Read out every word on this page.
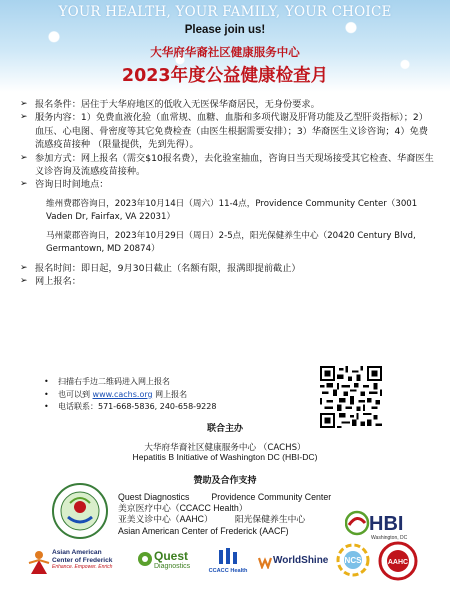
YOUR HEALTH, YOUR FAMILY, YOUR CHOICE
Please join us!
大华府华裔社区健康服务中心
2023年度公益健康检查月

➢ 报名条件：居住于大华府地区的低收入无医保华裔居民，无身份要求。

➢ 服务内容：1）免费血液化验（血常规、血糖、血脂和多项代谢及肝肾功能及乙型肝炎指标）；2）血压、心电图、骨密度等其它免费检查（由医生根据需要安排）；3）华裔医生义诊咨询；4）免费流感疫苗接种 （限量提供，先到先得）。

➢ 参加方式：网上报名（需交$10报名费），去化验室抽血，咨询日当天现场接受其它检查、华裔医生义诊咨询及流感疫苗接种。

➢ 咨询日时间地点：

维州费郡咨询日，2023年10月14日（周六）11-4点，Providence Community Center（3001 Vaden Dr, Fairfax, VA 22031）

马州蒙郡咨询日，2023年10月29日（周日）2-5点，阳光保健养生中心（20420 Century Blvd, Germantown, MD 20874）

➢ 报名时间：即日起，9月30日截止（名额有限，报满即提前截止）

➢ 网上报名：

• 扫描右手边二维码进入网上报名
• 也可以到 www.cachs.org 网上报名
• 电话联系：571-668-5836, 240-658-9228
联合主办
大华府华裔社区健康服务中心 （CACHS）
Hepatitis B Initiative of Washington DC (HBI-DC)
赞助及合作支持
Quest Diagnostics	Providence Community Center
美京医疗中心（CCACC Health）
亚美义诊中心（AAHC）	阳光保健养生中心
Asian American Center of Frederick (AACF)	HBI
Washington, DC
Asian American
Center of Frederick
Enhance. Empower. Enrich
Quest
Diagnostics
CCACC Health
WorldShine NCS	AAHC
